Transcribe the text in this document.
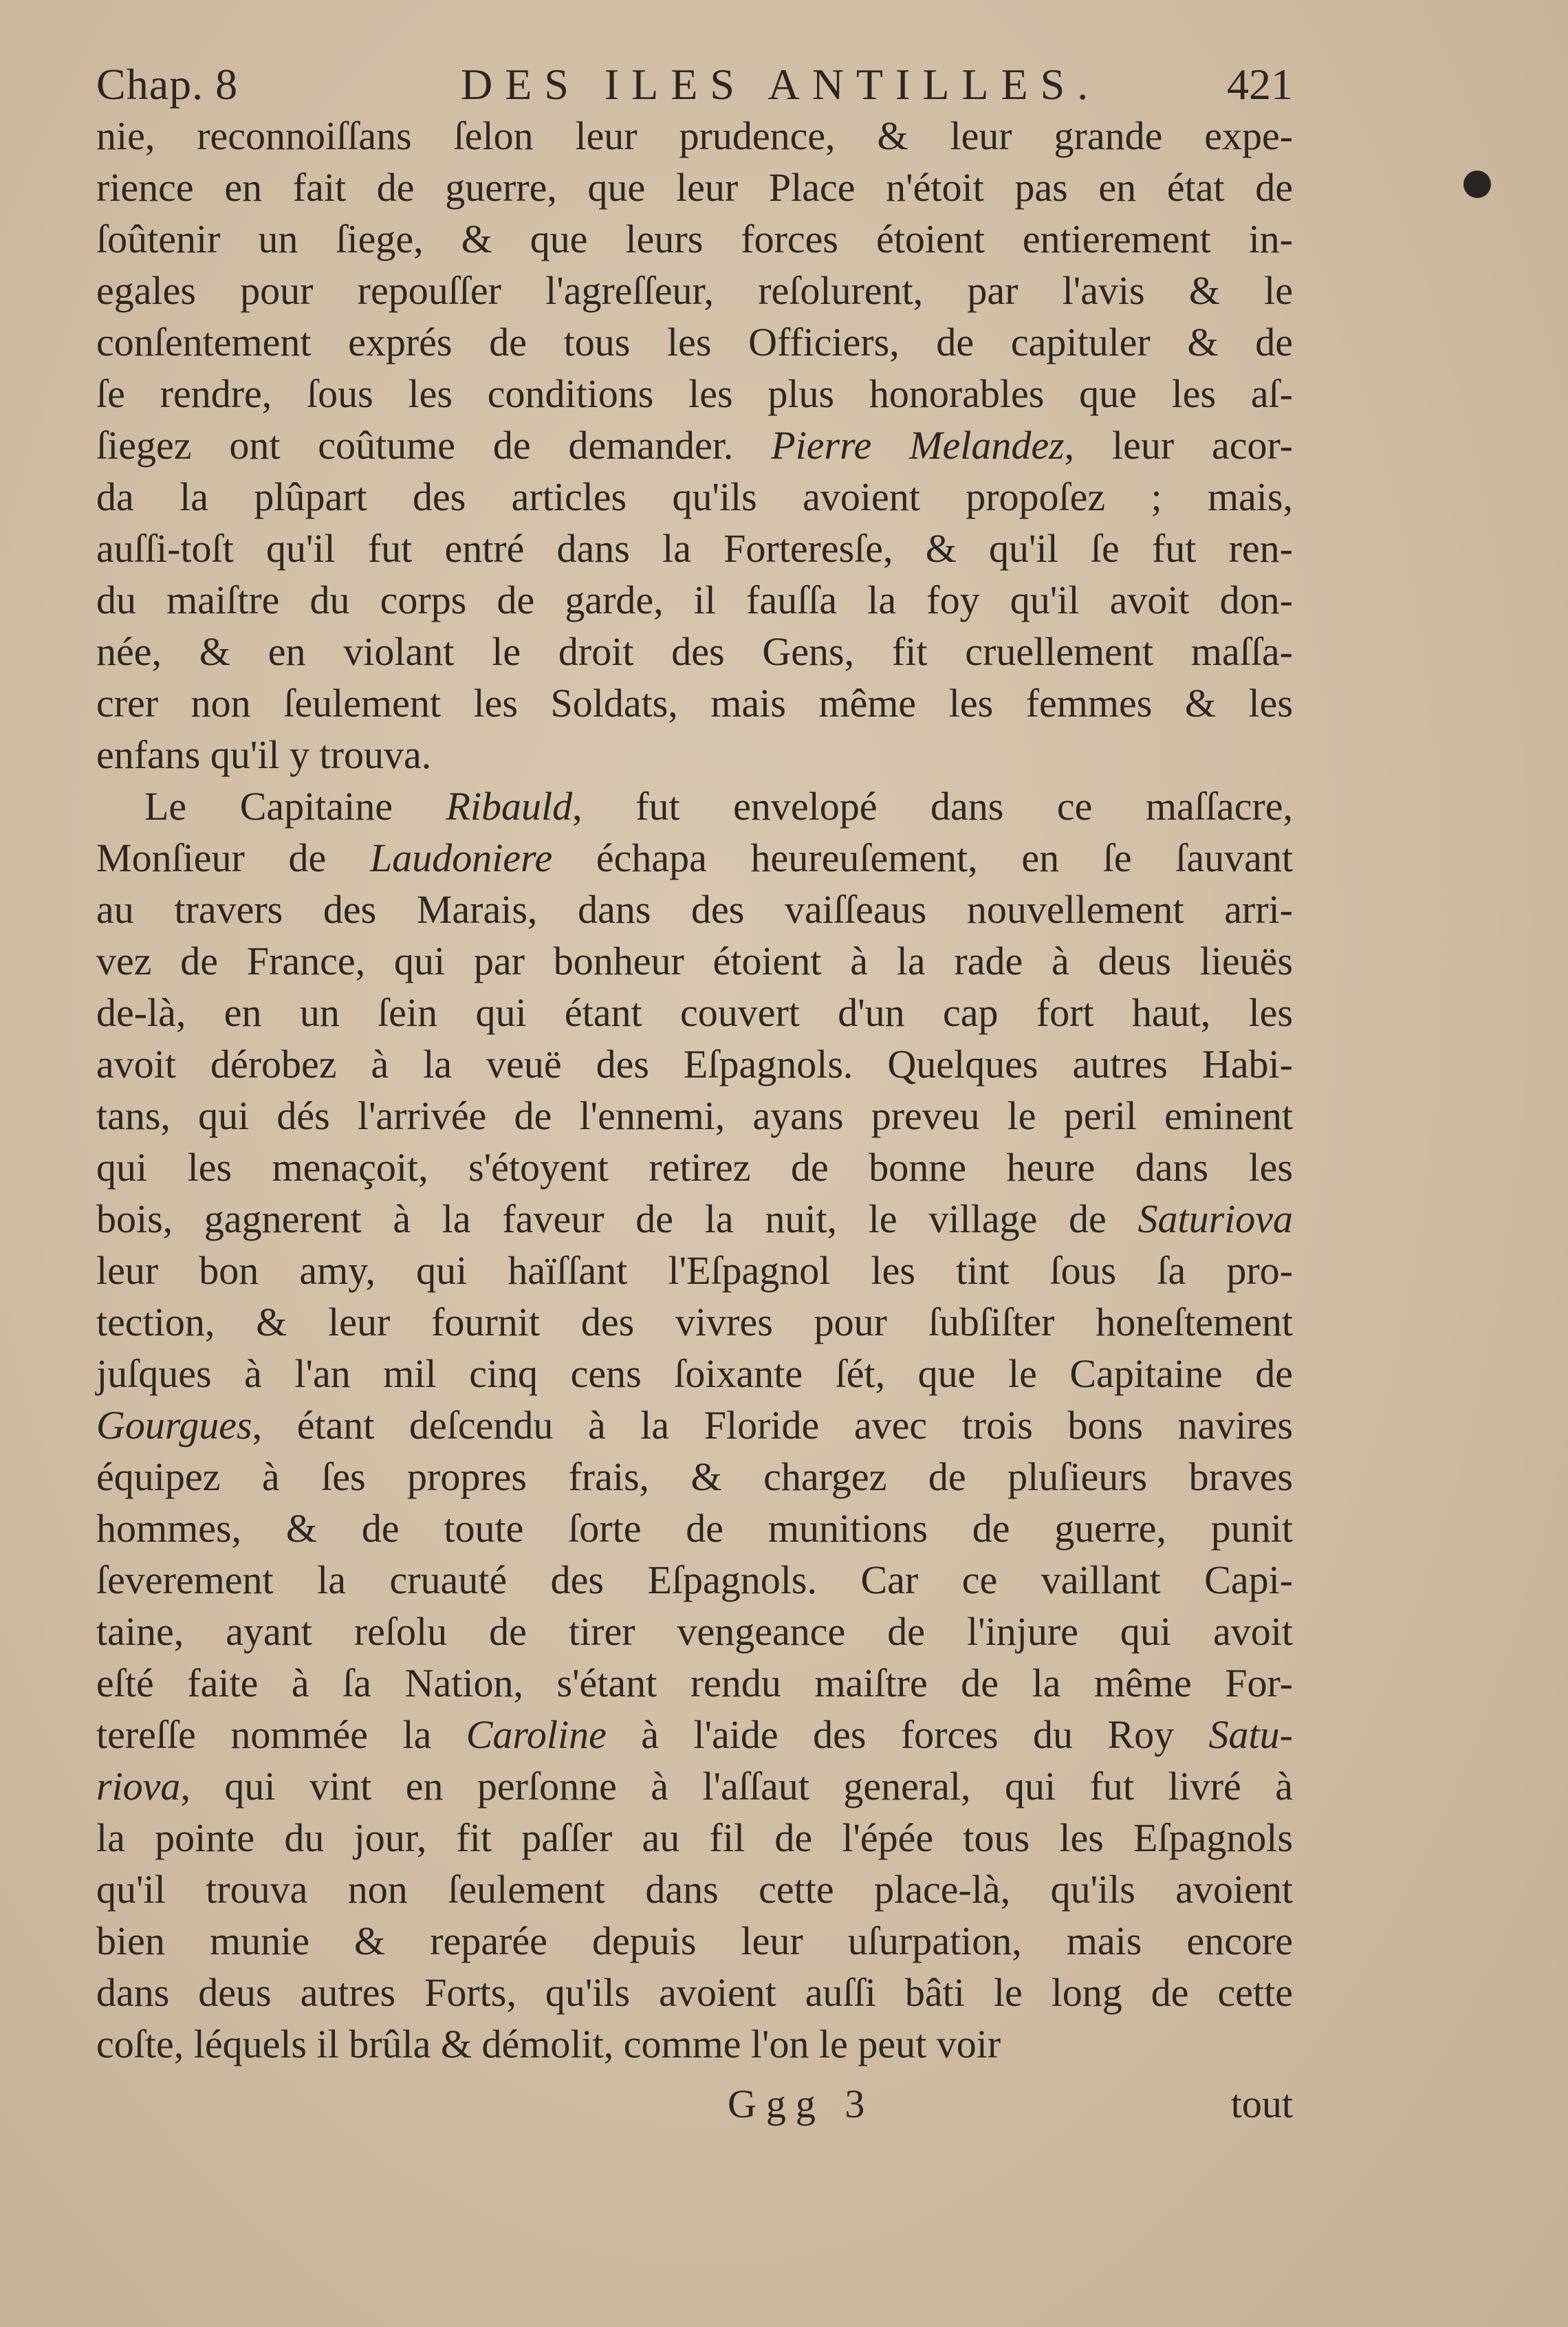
Chap. 8	DES ILES ANTILLES.	421
nie, reconnoiſſans ſelon leur prudence, & leur grande expe-
rience en fait de guerre, que leur Place n'étoit pas en état de
ſoûtenir un ſiege, & que leurs forces étoient entierement in-
egales pour repouſſer l'agreſſeur, reſolurent, par l'avis & le
conſentement exprés de tous les Officiers, de capituler & de
ſe rendre, ſous les conditions les plus honorables que les aſ-
ſiegez ont coûtume de demander. Pierre Melandez, leur acor-
da la plûpart des articles qu'ils avoient propoſez ; mais,
auſſi-toſt qu'il fut entré dans la Forteresſe, & qu'il ſe fut ren-
du maiſtre du corps de garde, il fauſſa la foy qu'il avoit don-
née, & en violant le droit des Gens, fit cruellement maſſa-
crer non ſeulement les Soldats, mais même les femmes & les
enfans qu'il y trouva.
Le Capitaine Ribauld, fut envelopé dans ce maſſacre,
Monſieur de Laudoniere échapa heureuſement, en ſe ſauvant
au travers des Marais, dans des vaiſſeaus nouvellement arri-
vez de France, qui par bonheur étoient à la rade à deus lieuës
de-là, en un ſein qui étant couvert d'un cap fort haut, les
avoit dérobez à la veuë des Eſpagnols. Quelques autres Habi-
tans, qui dés l'arrivée de l'ennemi, ayans preveu le peril eminent
qui les menaçoit, s'étoyent retirez de bonne heure dans les
bois, gagnerent à la faveur de la nuit, le village de Saturiova
leur bon amy, qui haïſſant l'Eſpagnol les tint ſous ſa pro-
tection, & leur fournit des vivres pour ſubſiſter honeſtement
juſques à l'an mil cinq cens ſoixante ſét, que le Capitaine de
Gourgues, étant deſcendu à la Floride avec trois bons navires
équipez à ſes propres frais, & chargez de pluſieurs braves
hommes, & de toute ſorte de munitions de guerre, punit
ſeverement la cruauté des Eſpagnols. Car ce vaillant Capi-
taine, ayant reſolu de tirer vengeance de l'injure qui avoit
eſté faite à ſa Nation, s'étant rendu maiſtre de la même For-
tereſſe nommée la Caroline à l'aide des forces du Roy Satu-
riova, qui vint en perſonne à l'aſſaut general, qui fut livré à
la pointe du jour, fit paſſer au fil de l'épée tous les Eſpagnols
qu'il trouva non ſeulement dans cette place-là, qu'ils avoient
bien munie & reparée depuis leur uſurpation, mais encore
dans deus autres Forts, qu'ils avoient auſſi bâti le long de cette
coſte, léquels il brûla & démolit, comme l'on le peut voir
Ggg 3	tout
